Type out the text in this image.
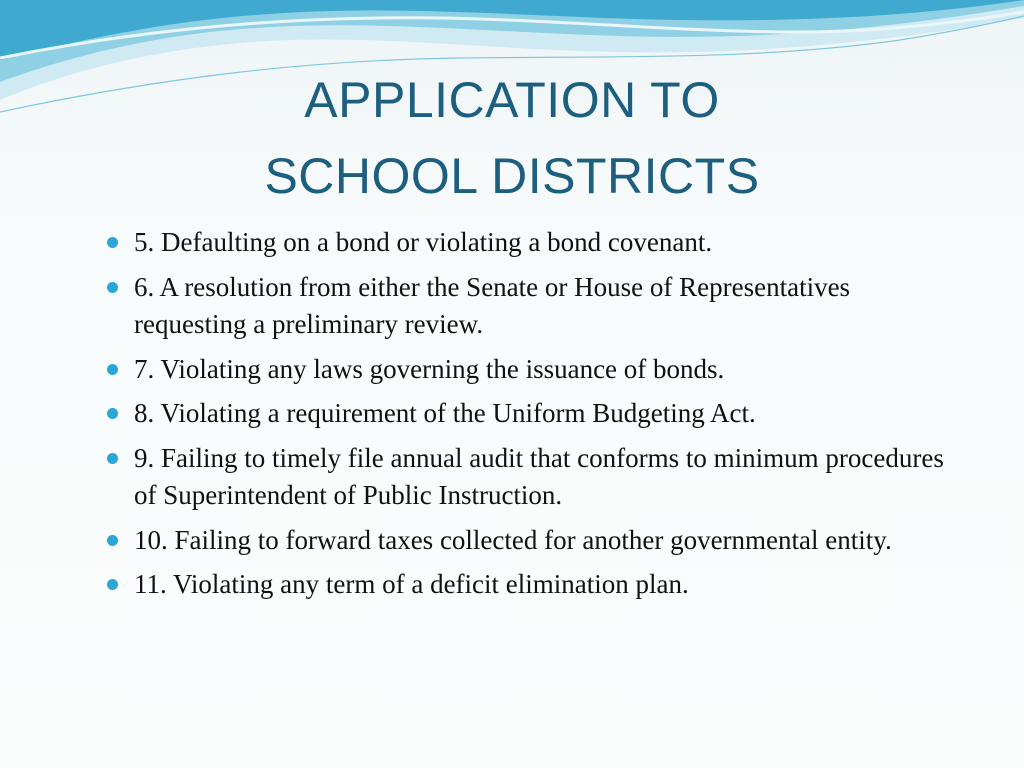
APPLICATION TO
SCHOOL DISTRICTS
5. Defaulting on a bond or violating a bond covenant.
6. A resolution from either the Senate or House of Representatives requesting a preliminary review.
7. Violating any laws governing the issuance of bonds.
8. Violating a requirement of the Uniform Budgeting Act.
9. Failing to timely file annual audit that conforms to minimum procedures of Superintendent of Public Instruction.
10. Failing to forward taxes collected for another governmental entity.
11. Violating any term of a deficit elimination plan.
